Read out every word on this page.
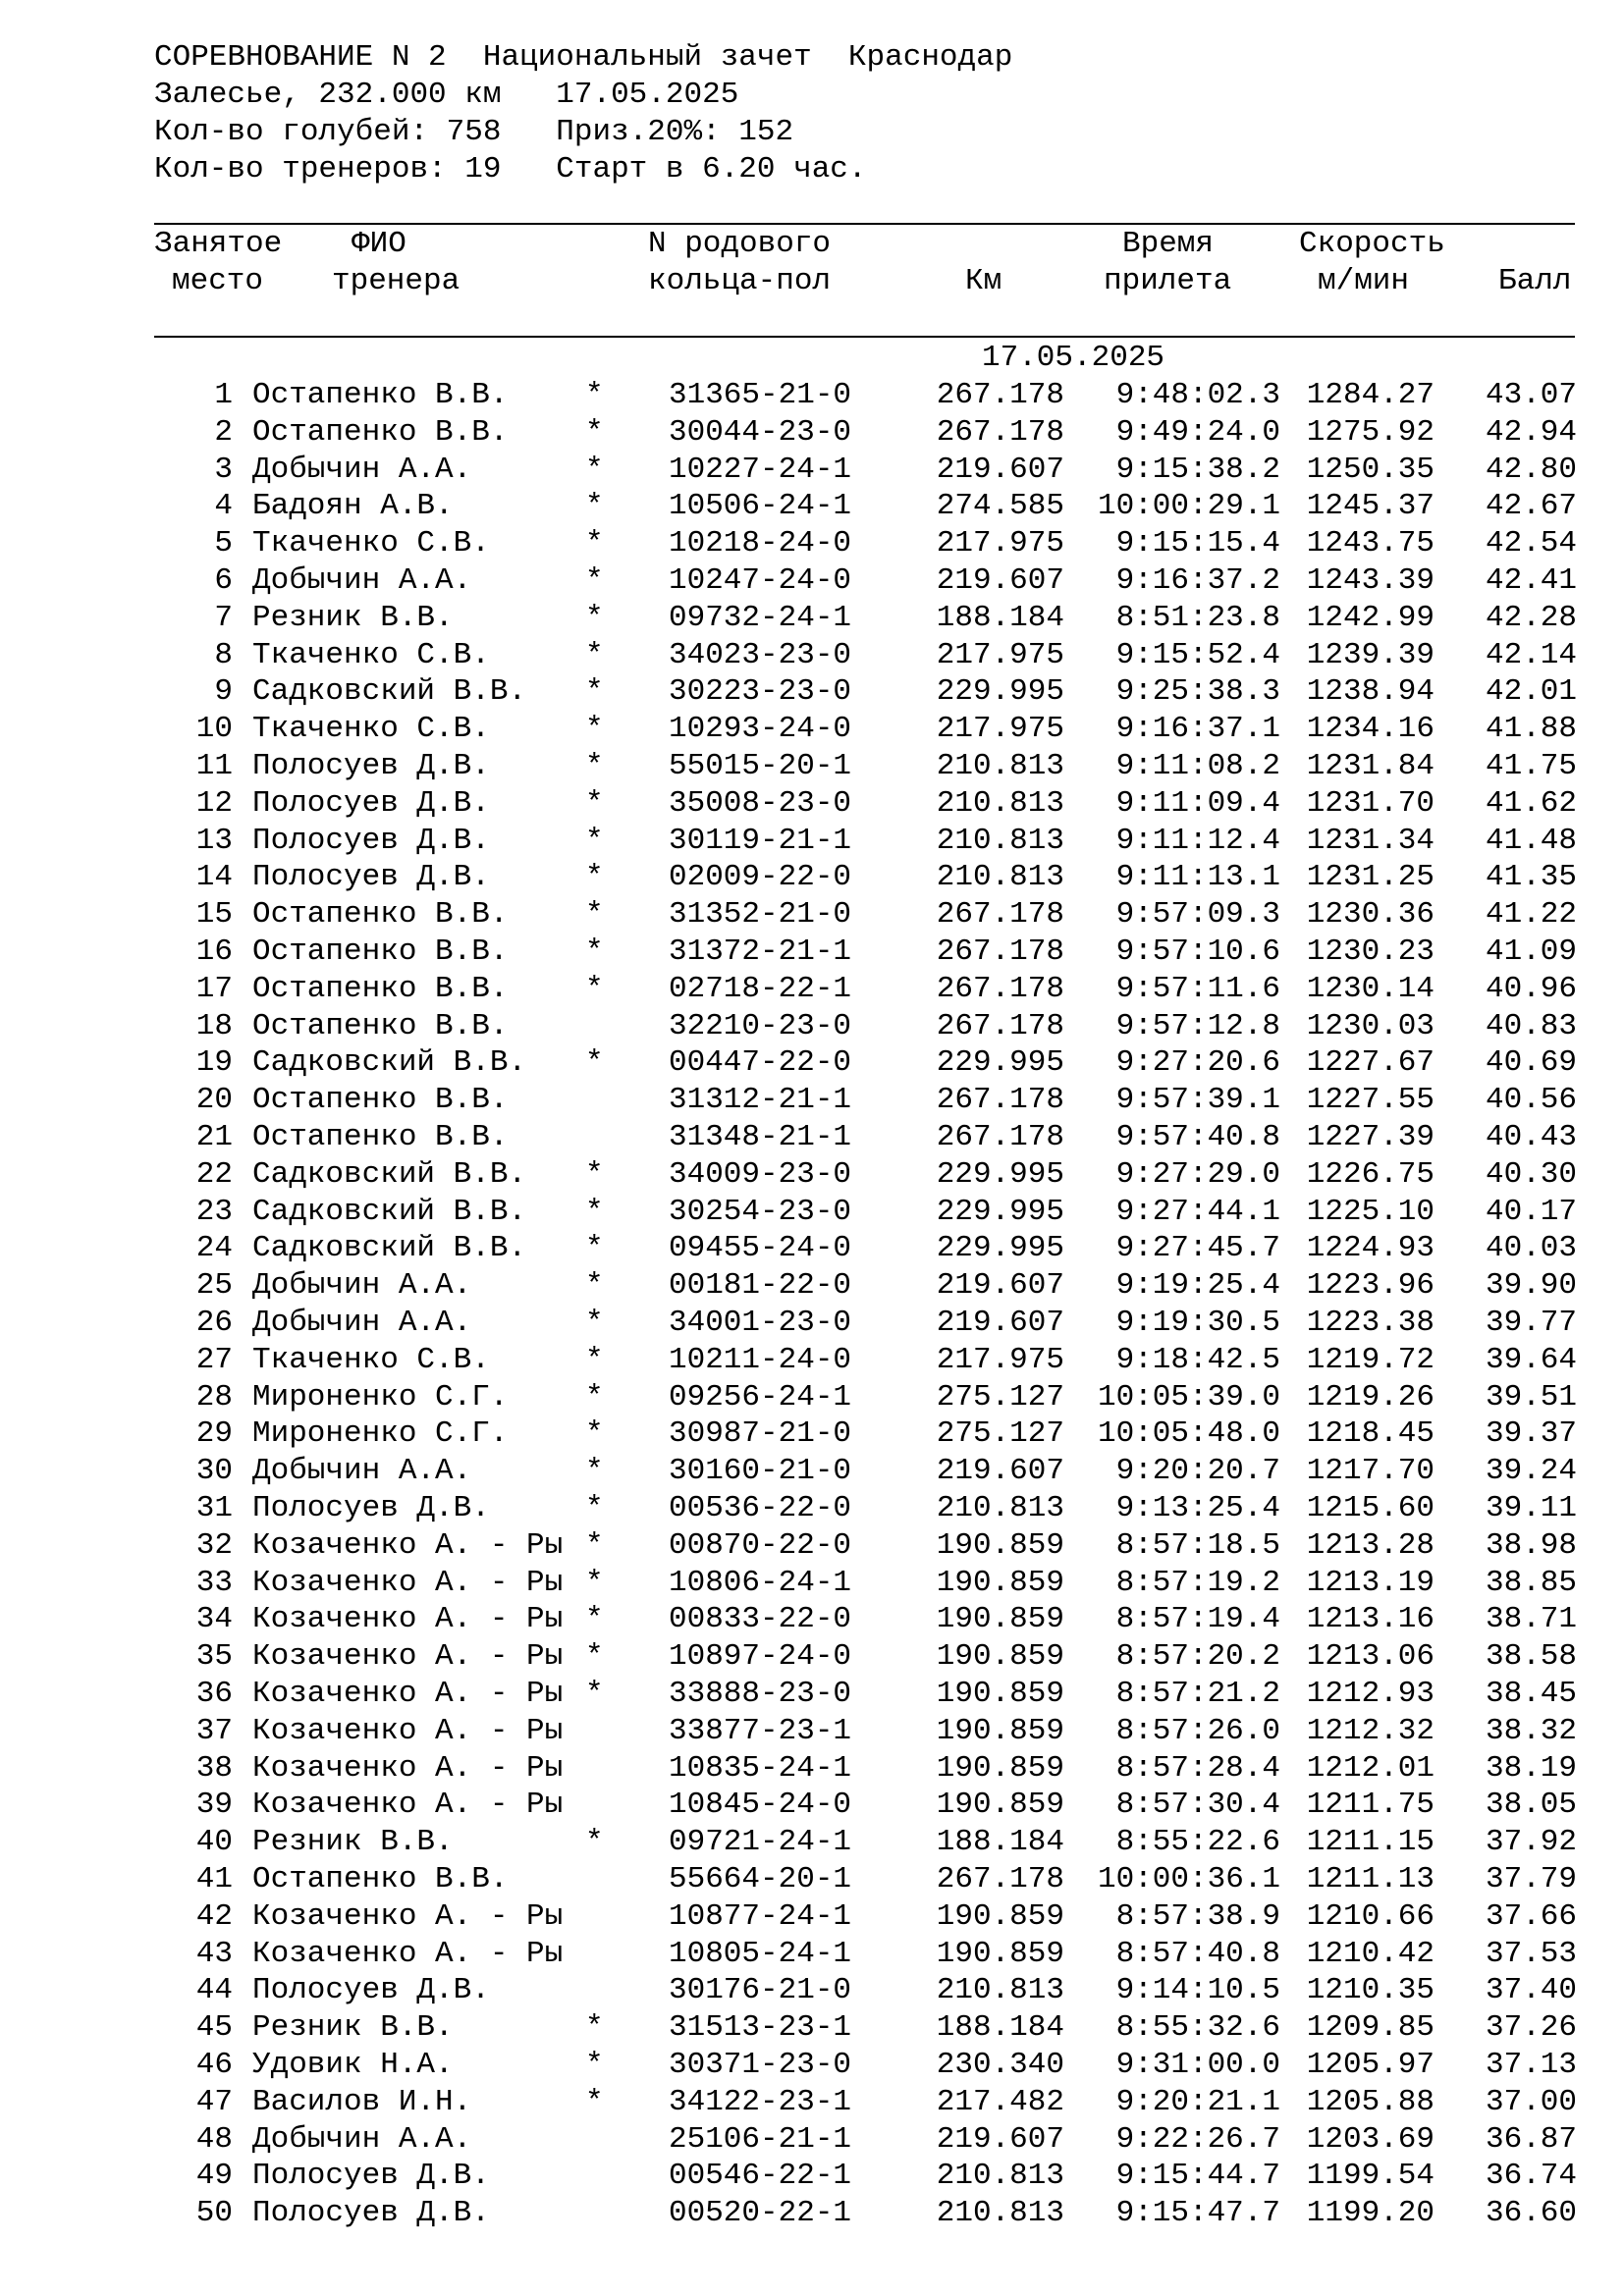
СОРЕВНОВАНИЕ N 2  Национальный зачет  Краснодар
Залесье, 232.000 км   17.05.2025
Кол-во голубей: 758   Приз.20%: 152
Кол-во тренеров: 19   Старт в 6.20 час.
Занятое
место
ФИО
тренера
N родового
кольца-пол	Км
Время
прилета
Скорость
м/мин	Балл
17.05.2025
1 Остапенко В.В.	* 31365-21-0	267.178	9:48:02.3 1284.27	43.07
2 Остапенко В.В.	* 30044-23-0	267.178	9:49:24.0 1275.92	42.94
3 Добычин А.А.	* 10227-24-1	219.607	9:15:38.2 1250.35	42.80
4 Бадоян А.В.	* 10506-24-1	274.585	10:00:29.1 1245.37	42.67
5 Ткаченко С.В.	* 10218-24-0	217.975	9:15:15.4 1243.75	42.54
6 Добычин А.А.	* 10247-24-0	219.607	9:16:37.2 1243.39	42.41
7 Резник В.В.	* 09732-24-1	188.184	8:51:23.8 1242.99	42.28
8 Ткаченко С.В.	* 34023-23-0	217.975	9:15:52.4 1239.39	42.14
9 Садковский В.В. * 30223-23-0	229.995	9:25:38.3 1238.94	42.01
10 Ткаченко С.В.	* 10293-24-0	217.975	9:16:37.1 1234.16	41.88
11 Полосуев Д.В.	* 55015-20-1	210.813	9:11:08.2 1231.84	41.75
12 Полосуев Д.В.	* 35008-23-0	210.813	9:11:09.4 1231.70	41.62
13 Полосуев Д.В.	* 30119-21-1	210.813	9:11:12.4 1231.34	41.48
14 Полосуев Д.В.	* 02009-22-0	210.813	9:11:13.1 1231.25	41.35
15 Остапенко В.В.	* 31352-21-0	267.178	9:57:09.3 1230.36	41.22
16 Остапенко В.В.	* 31372-21-1	267.178	9:57:10.6 1230.23	41.09
17 Остапенко В.В.	* 02718-22-1	267.178	9:57:11.6 1230.14	40.96
18 Остапенко В.В.	32210-23-0	267.178	9:57:12.8 1230.03	40.83
19 Садковский В.В. * 00447-22-0	229.995	9:27:20.6 1227.67	40.69
20 Остапенко В.В.	31312-21-1	267.178	9:57:39.1 1227.55	40.56
21 Остапенко В.В.	31348-21-1	267.178	9:57:40.8 1227.39	40.43
22 Садковский В.В. * 34009-23-0	229.995	9:27:29.0 1226.75	40.30
23 Садковский В.В. * 30254-23-0	229.995	9:27:44.1 1225.10	40.17
24 Садковский В.В. * 09455-24-0	229.995	9:27:45.7 1224.93	40.03
25 Добычин А.А.	* 00181-22-0	219.607	9:19:25.4 1223.96	39.90
26 Добычин А.А.	* 34001-23-0	219.607	9:19:30.5 1223.38	39.77
27 Ткаченко С.В.	* 10211-24-0	217.975	9:18:42.5 1219.72	39.64
28 Мироненко С.Г.	* 09256-24-1	275.127	10:05:39.0 1219.26	39.51
29 Мироненко С.Г.	* 30987-21-0	275.127	10:05:48.0 1218.45	39.37
30 Добычин А.А.	* 30160-21-0	219.607	9:20:20.7 1217.70	39.24
31 Полосуев Д.В.	* 00536-22-0	210.813	9:13:25.4 1215.60	39.11
32 Козаченко А. - Ры * 00870-22-0	190.859	8:57:18.5 1213.28	38.98
33 Козаченко А. - Ры * 10806-24-1	190.859	8:57:19.2 1213.19	38.85
34 Козаченко А. - Ры * 00833-22-0	190.859	8:57:19.4 1213.16	38.71
35 Козаченко А. - Ры * 10897-24-0	190.859	8:57:20.2 1213.06	38.58
36 Козаченко А. - Ры * 33888-23-0	190.859	8:57:21.2 1212.93	38.45
37 Козаченко А. - Ры	33877-23-1	190.859	8:57:26.0 1212.32	38.32
38 Козаченко А. - Ры	10835-24-1	190.859	8:57:28.4 1212.01	38.19
39 Козаченко А. - Ры	10845-24-0	190.859	8:57:30.4 1211.75	38.05
40 Резник В.В.	* 09721-24-1	188.184	8:55:22.6 1211.15	37.92
41 Остапенко В.В.	55664-20-1	267.178	10:00:36.1 1211.13	37.79
42 Козаченко А. - Ры	10877-24-1	190.859	8:57:38.9 1210.66	37.66
43 Козаченко А. - Ры	10805-24-1	190.859	8:57:40.8 1210.42	37.53
44 Полосуев Д.В.	30176-21-0	210.813	9:14:10.5 1210.35	37.40
45 Резник В.В.	* 31513-23-1	188.184	8:55:32.6 1209.85	37.26
46 Удовик Н.А.	* 30371-23-0	230.340	9:31:00.0 1205.97	37.13
47 Василов И.Н.	* 34122-23-1	217.482	9:20:21.1 1205.88	37.00
48 Добычин А.А.	25106-21-1	219.607	9:22:26.7 1203.69	36.87
49 Полосуев Д.В.	00546-22-1	210.813	9:15:44.7 1199.54	36.74
50 Полосуев Д.В.	00520-22-1	210.813	9:15:47.7 1199.20	36.60
